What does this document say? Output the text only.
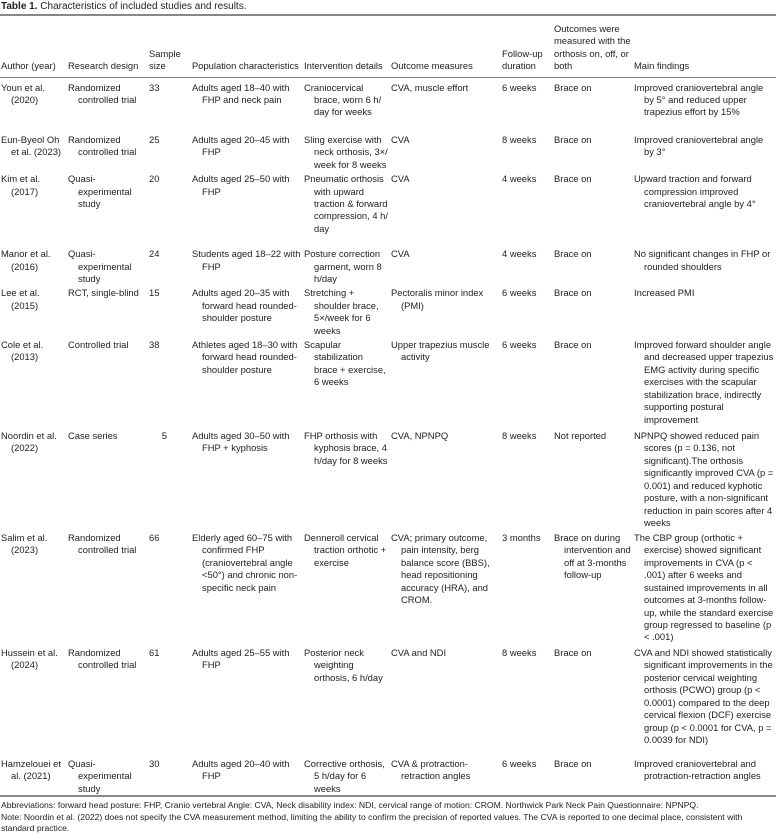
Table 1. Characteristics of included studies and results.
Author (year)	Research design	Sample size	Population characteristics	Intervention details	Outcome measures	Follow-up duration	Outcomes were measured with the orthosis on, off, or both	Main findings
Youn et al. (2020)	Randomized controlled trial	33	Adults aged 18–40 with FHP and neck pain	Craniocervical brace, worn 6 h/ day for weeks	CVA, muscle effort	6 weeks	Brace on	Improved craniovertebral angle by 5° and reduced upper trapezius effort by 15%
Eun-Byeol Oh et al. (2023)	Randomized controlled trial	25	Adults aged 20–45 with FHP	Sling exercise with neck orthosis, 3×/ week for 8 weeks	CVA	8 weeks	Brace on	Improved craniovertebral angle by 3°
Kim et al. (2017)	Quasi-experimental study	20	Adults aged 25–50 with FHP	Pneumatic orthosis with upward traction & forward compression, 4 h/ day	CVA	4 weeks	Brace on	Upward traction and forward compression improved craniovertebral angle by 4°
Manor et al. (2016)	Quasi-experimental study	24	Students aged 18–22 with FHP	Posture correction garment, worn 8 h/day	CVA	4 weeks	Brace on	No significant changes in FHP or rounded shoulders
Lee et al. (2015)	RCT, single-blind	15	Adults aged 20–35 with forward head rounded-shoulder posture	Stretching + shoulder brace, 5×/week for 6 weeks	Pectoralis minor index (PMI)	6 weeks	Brace on	Increased PMI
Cole et al. (2013)	Controlled trial	38	Athletes aged 18–30 with forward head rounded-shoulder posture	Scapular stabilization brace + exercise, 6 weeks	Upper trapezius muscle activity	6 weeks	Brace on	Improved forward shoulder angle and decreased upper trapezius EMG activity during specific exercises with the scapular stabilization brace, indirectly supporting postural improvement
Noordin et al. (2022)	Case series	5	Adults aged 30–50 with FHP + kyphosis	FHP orthosis with kyphosis brace, 4 h/day for 8 weeks	CVA, NPNPQ	8 weeks	Not reported	NPNPQ showed reduced pain scores (p = 0.136, not significant).The orthosis significantly improved CVA (p = 0.001) and reduced kyphotic posture, with a non-significant reduction in pain scores after 4 weeks
Salim et al. (2023)	Randomized controlled trial	66	Elderly aged 60–75 with confirmed FHP (craniovertebral angle <50°) and chronic non-specific neck pain	Denneroll cervical traction orthotic + exercise	CVA; primary outcome, pain intensity, berg balance score (BBS), head repositioning accuracy (HRA), and CROM.	3 months	Brace on during intervention and off at 3-months follow-up	The CBP group (orthotic + exercise) showed significant improvements in CVA (p < .001) after 6 weeks and sustained improvements in all outcomes at 3-months follow-up, while the standard exercise group regressed to baseline (p < .001)
Hussein et al. (2024)	Randomized controlled trial	61	Adults aged 25–55 with FHP	Posterior neck weighting orthosis, 6 h/day	CVA and NDI	8 weeks	Brace on	CVA and NDI showed statistically significant improvements in the posterior cervical weighting orthosis (PCWO) group (p < 0.0001) compared to the deep cervical flexion (DCF) exercise group (p < 0.0001 for CVA, p = 0.0039 for NDI)
Hamzelouei et al. (2021)	Quasi-experimental study	30	Adults aged 20–40 with FHP	Corrective orthosis, 5 h/day for 6 weeks	CVA & protraction-retraction angles	6 weeks	Brace on	Improved craniovertebral and protraction-retraction angles
Abbreviations: forward head posture: FHP, Cranio vertebral Angle: CVA, Neck disability index: NDI, cervical range of motion: CROM. Northwick Park Neck Pain Questionnaire: NPNPQ.
Note: Noordin et al. (2022) does not specify the CVA measurement method, limiting the ability to confirm the precision of reported values. The CVA is reported to one decimal place, consistent with standard practice.
